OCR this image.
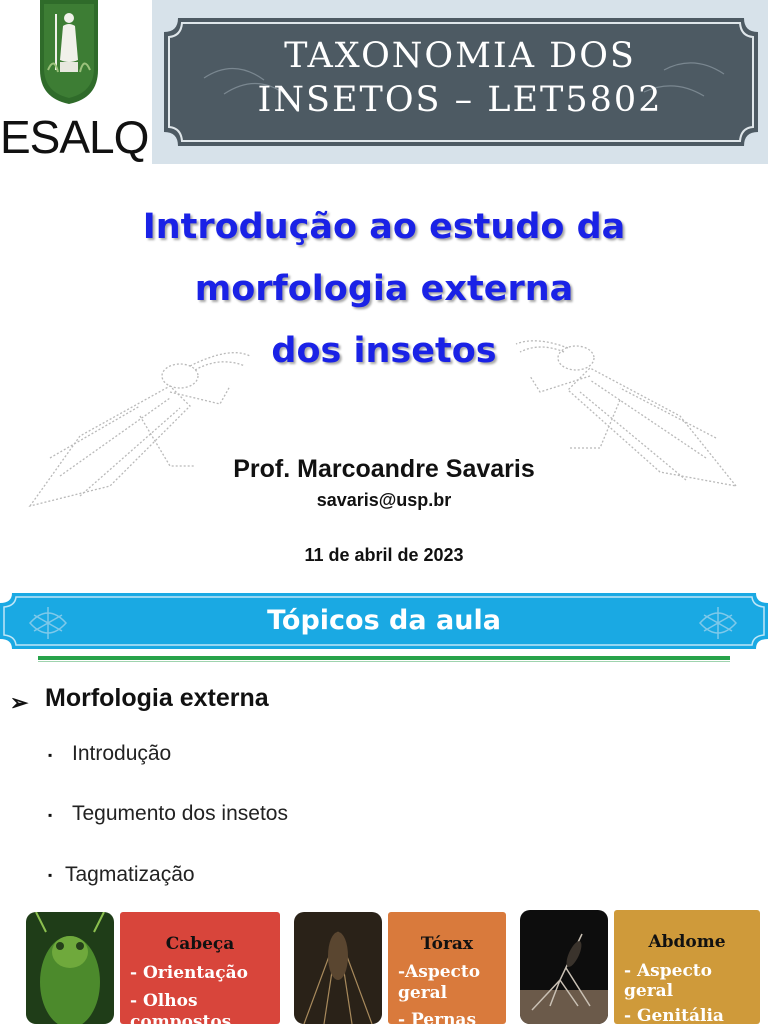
ESALQ
TAXONOMIA DOS
INSETOS – LET5802
Introdução ao estudo da
morfologia externa
dos insetos
Prof. Marcoandre Savaris
savaris@usp.br
11 de abril de 2023
Tópicos da aula
➢ Morfologia externa
▪ Introdução
▪ Tegumento dos insetos
▪ Tagmatização
Cabeça
- Orientação
- Olhos
compostos
Tórax
-Aspecto
geral
- Pernas
Abdome
- Aspecto
geral
- Genitália
